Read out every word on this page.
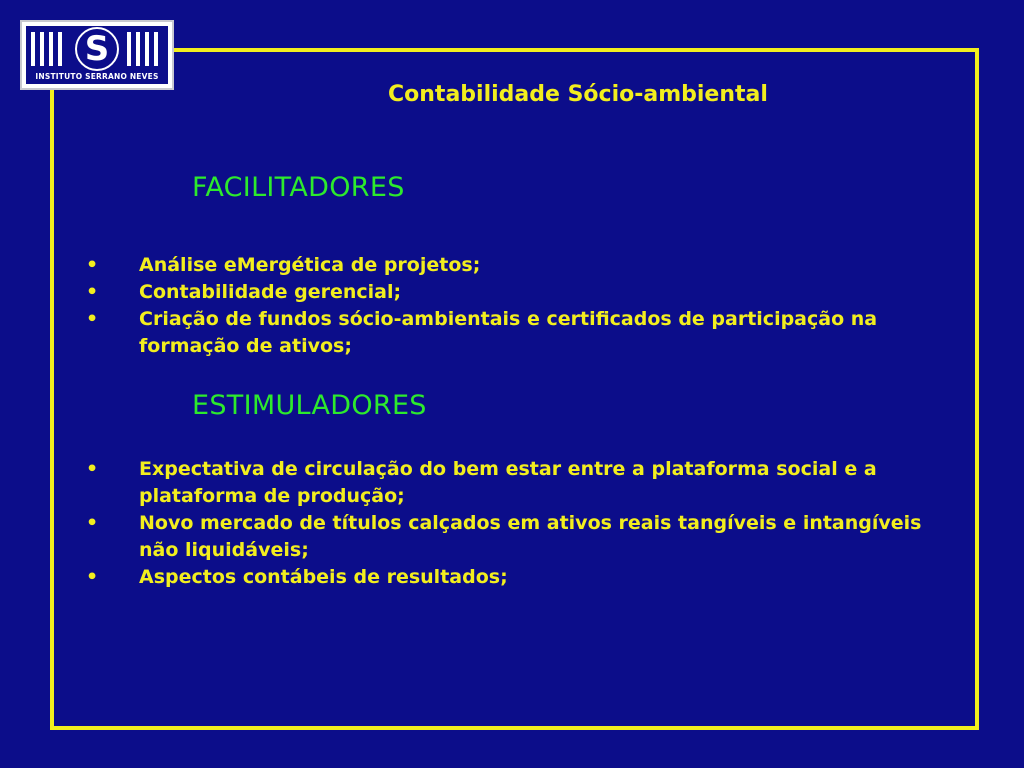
S
INSTITUTO SERRANO NEVES
Contabilidade Sócio-ambiental
FACILITADORES
• Análise eMergética de projetos;
• Contabilidade gerencial;
• Criação de fundos sócio-ambientais e certificados de participação na formação de ativos;
ESTIMULADORES
• Expectativa de circulação do bem estar entre a plataforma social e a plataforma de produção;
• Novo mercado de títulos calçados em ativos reais tangíveis e intangíveis não liquidáveis;
• Aspectos contábeis de resultados;
